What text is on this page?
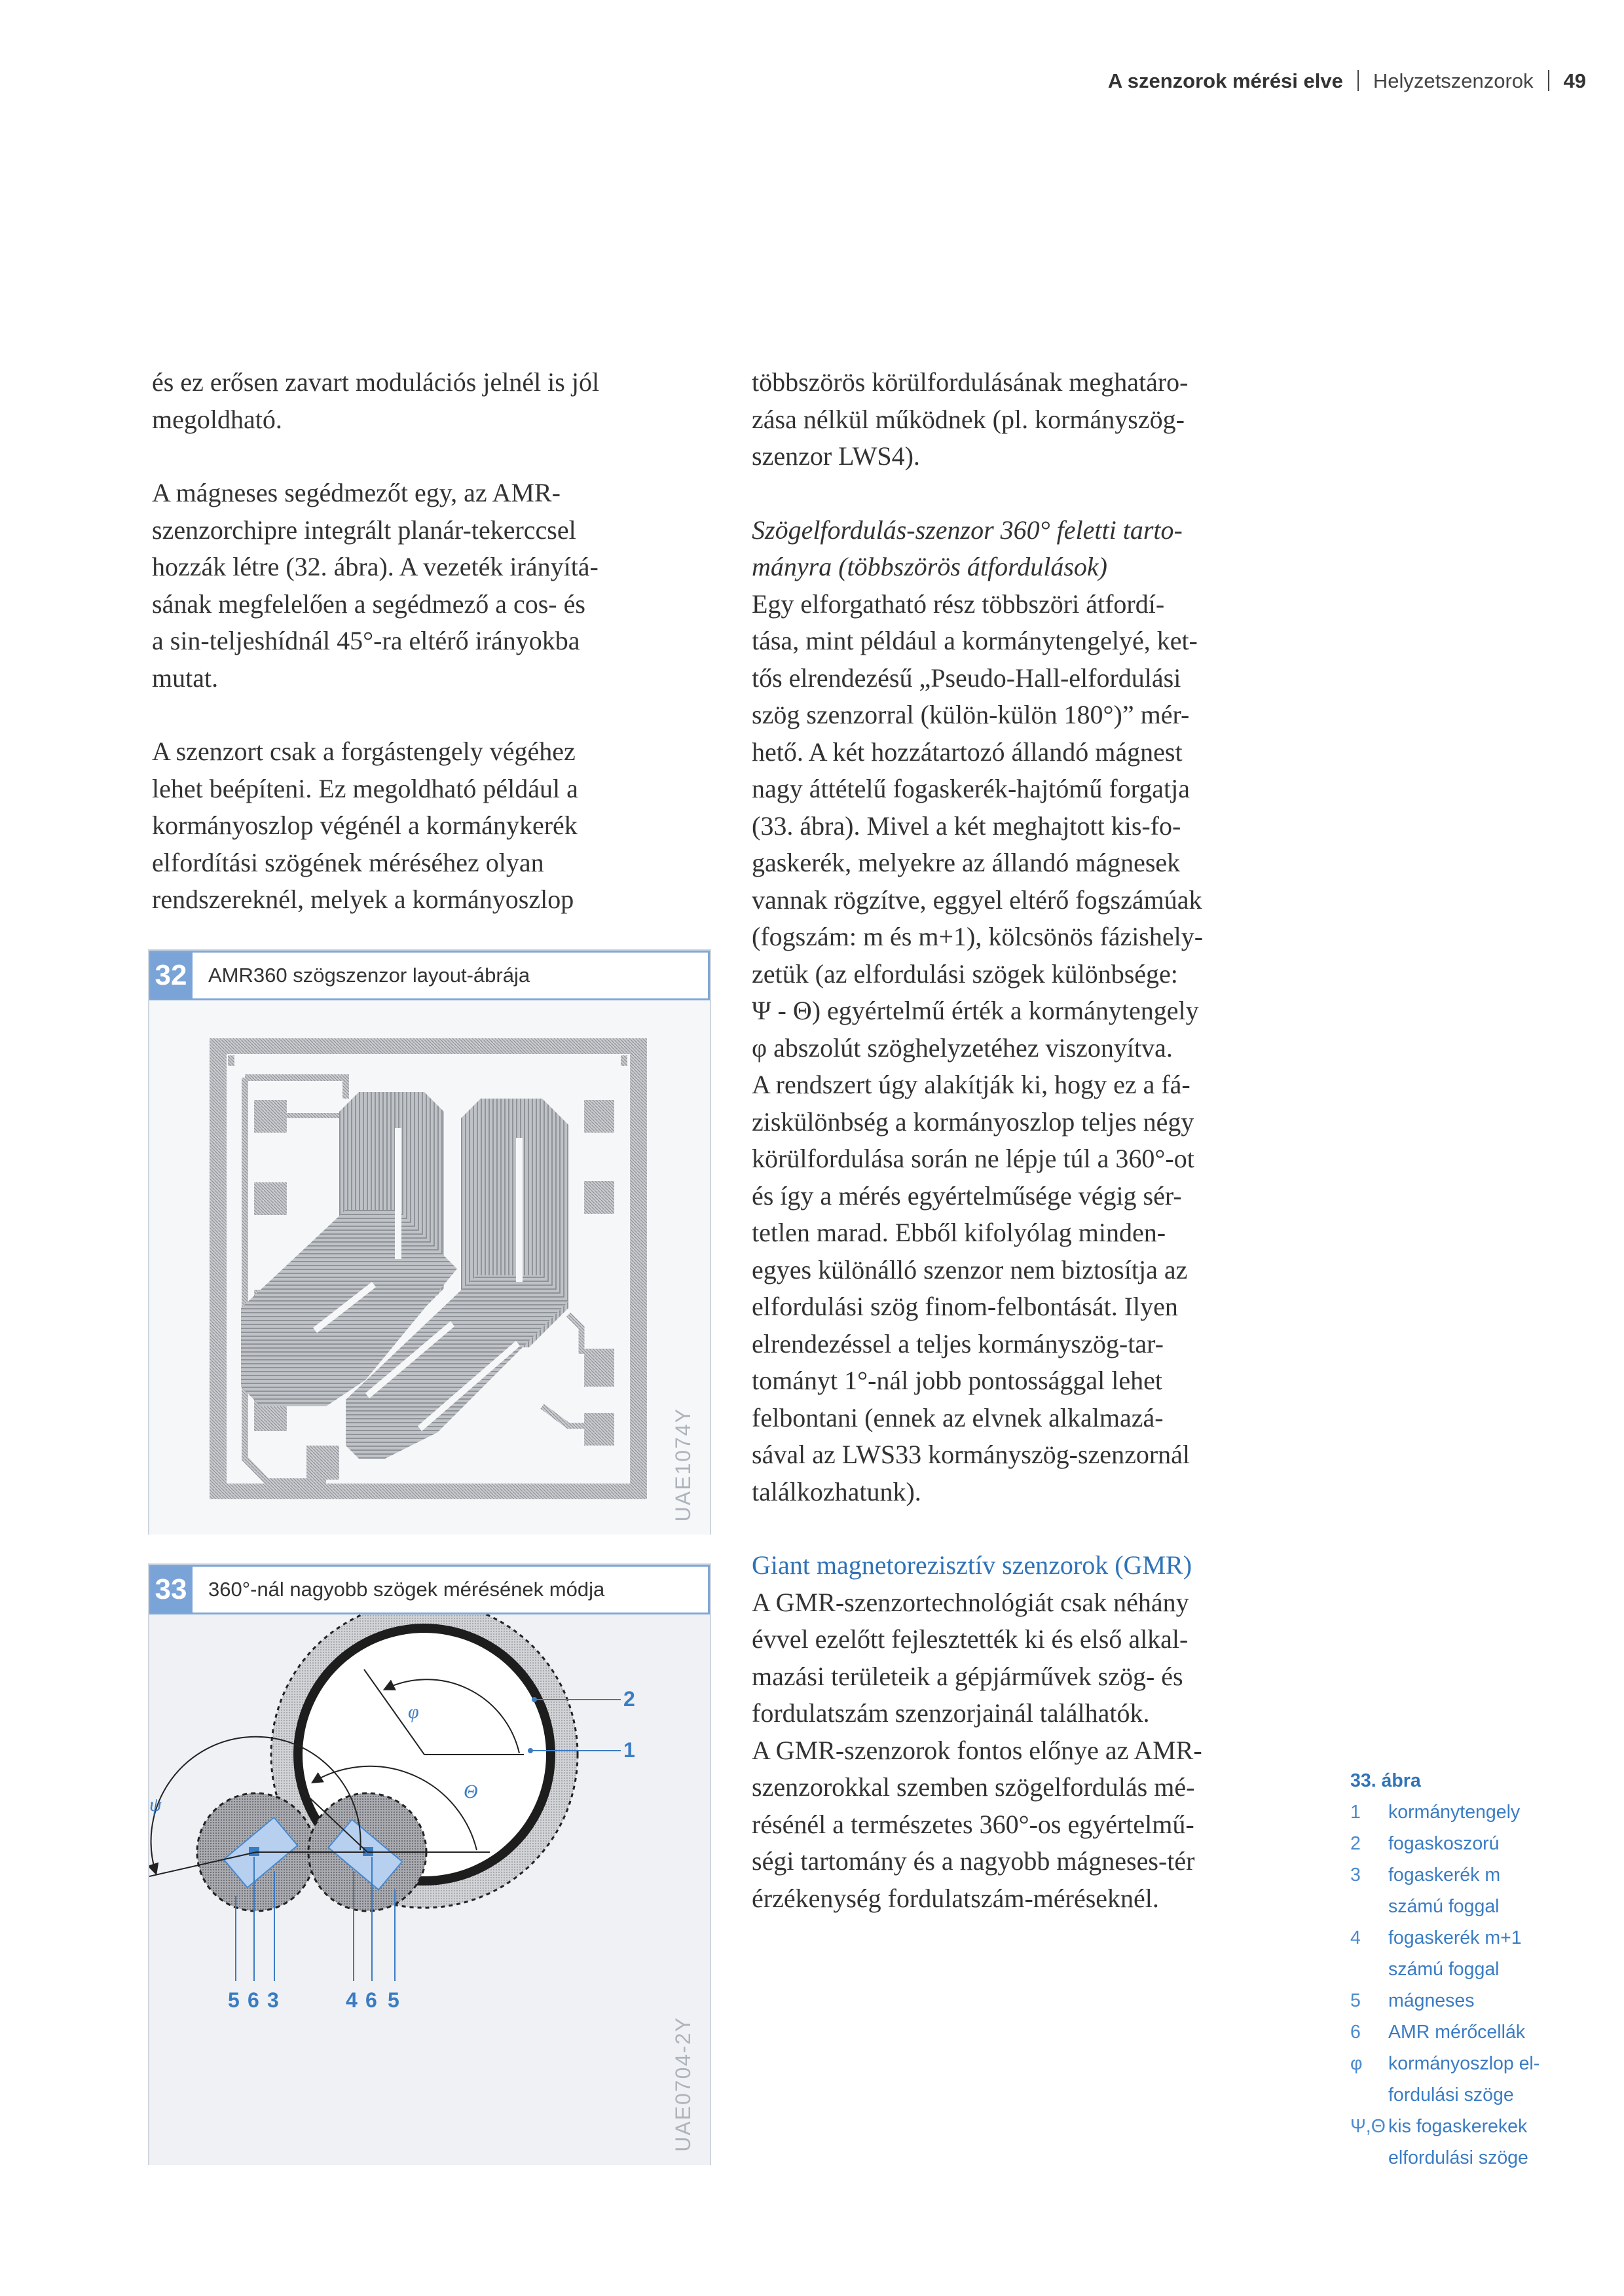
A szenzorok mérési elve Helyzetszenzorok 49

és ez erősen zavart modulációs jelnél is jól
megoldható.

A mágneses segédmezőt egy, az AMR-
szenzorchipre integrált planár-tekerccsel
hozzák létre (32. ábra). A vezeték irányítá-
sának megfelelően a segédmező a cos- és
a sin-teljeshídnál 45°-ra eltérő irányokba
mutat.

A szenzort csak a forgástengely végéhez
lehet beépíteni. Ez megoldható például a
kormányoszlop végénél a kormánykerék
elfordítási szögének méréséhez olyan
rendszereknél, melyek a kormányoszlop

32	AMR360 szögszenzor layout-ábrája
UAE1074Y
33	360°-nál nagyobb szögek mérésének módja
φ
2
1
ψ
Θ
5 6 3	4 6 5
UAE0704-2Y

többszörös körülfordulásának meghatáro-
zása nélkül működnek (pl. kormányszög-
szenzor LWS4).

Szögelfordulás-szenzor 360° feletti tarto-
mányra (többszörös átfordulások)

Egy elforgatható rész többszöri átfordí-
tása, mint például a kormánytengelyé, ket-
tős elrendezésű „Pseudo-Hall-elfordulási
szög szenzorral (külön-külön 180°)” mér-
hető. A két hozzátartozó állandó mágnest
nagy áttételű fogaskerék-hajtómű forgatja
(33. ábra). Mivel a két meghajtott kis-fo-
gaskerék, melyekre az állandó mágnesek
vannak rögzítve, eggyel eltérő fogszámúak
(fogszám: m és m+1), kölcsönös fázishely-
zetük (az elfordulási szögek különbsége:
Ψ - Θ) egyértelmű érték a kormánytengely
φ abszolút szöghelyzetéhez viszonyítva.
A rendszert úgy alakítják ki, hogy ez a fá-
ziskülönbség a kormányoszlop teljes négy
körülfordulása során ne lépje túl a 360°-ot
és így a mérés egyértelműsége végig sér-
tetlen marad. Ebből kifolyólag minden-
egyes különálló szenzor nem biztosítja az
elfordulási szög finom-felbontását. Ilyen
elrendezéssel a teljes kormányszög-tar-
tományt 1°-nál jobb pontossággal lehet
felbontani (ennek az elvnek alkalmazá-
sával az LWS33 kormányszög-szenzornál
találkozhatunk).

Giant magnetorezisztív szenzorok (GMR)

A GMR-szenzortechnológiát csak néhány
évvel ezelőtt fejlesztették ki és első alkal-
mazási területeik a gépjárművek szög- és
fordulatszám szenzorjainál találhatók.
A GMR-szenzorok fontos előnye az AMR-
szenzorokkal szemben szögelfordulás mé-
résénél a természetes 360°-os egyértelmű-
ségi tartomány és a nagyobb mágneses-tér
érzékenység fordulatszám-méréseknél.

33. ábra
1	kormánytengely
2	fogaskoszorú
3	fogaskerék m
számú foggal
4	fogaskerék m+1
számú foggal
5	mágneses
6	AMR mérőcellák
φ	kormányoszlop el-
fordulási szöge
Ψ,Θ kis fogaskerekek
elfordulási szöge
